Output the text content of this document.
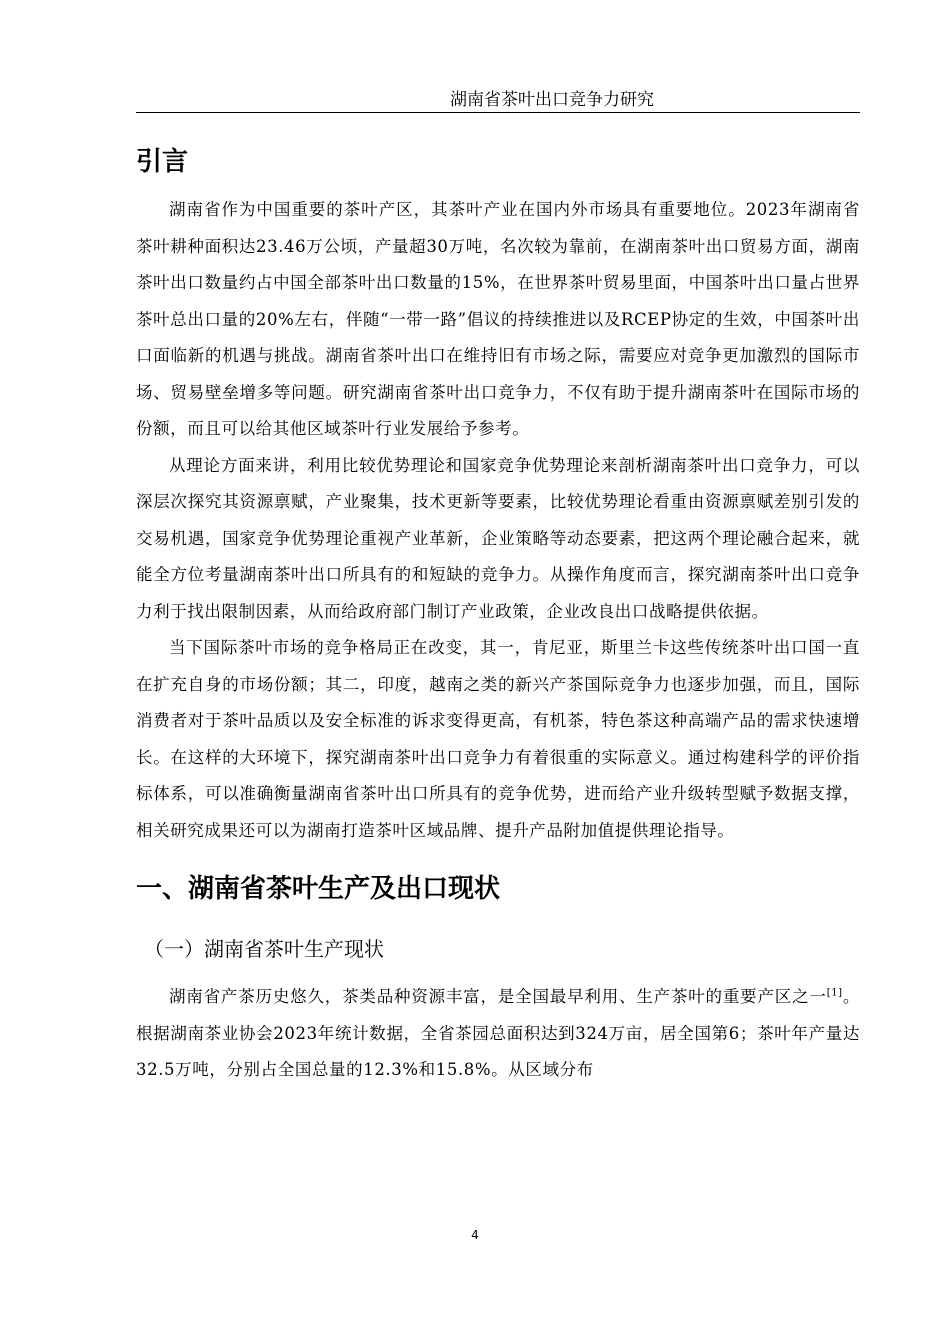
湖南省茶叶出口竞争力研究
引言

湖南省作为中国重要的茶叶产区，其茶叶产业在国内外市场具有重要地位。2023年湖南省茶叶耕种面积达23.46万公顷，产量超30万吨，名次较为靠前，在湖南茶叶出口贸易方面，湖南茶叶出口数量约占中国全部茶叶出口数量的15%，在世界茶叶贸易里面，中国茶叶出口量占世界茶叶总出口量的20%左右，伴随“一带一路”倡议的持续推进以及RCEP协定的生效，中国茶叶出口面临新的机遇与挑战。湖南省茶叶出口在维持旧有市场之际，需要应对竞争更加激烈的国际市场、贸易壁垒增多等问题。研究湖南省茶叶出口竞争力，不仅有助于提升湖南茶叶在国际市场的份额，而且可以给其他区域茶叶行业发展给予参考。

从理论方面来讲，利用比较优势理论和国家竞争优势理论来剖析湖南茶叶出口竞争力，可以深层次探究其资源禀赋，产业聚集，技术更新等要素，比较优势理论看重由资源禀赋差别引发的交易机遇，国家竞争优势理论重视产业革新，企业策略等动态要素，把这两个理论融合起来，就能全方位考量湖南茶叶出口所具有的和短缺的竞争力。从操作角度而言，探究湖南茶叶出口竞争力利于找出限制因素，从而给政府部门制订产业政策，企业改良出口战略提供依据。

当下国际茶叶市场的竞争格局正在改变，其一，肯尼亚，斯里兰卡这些传统茶叶出口国一直在扩充自身的市场份额；其二，印度，越南之类的新兴产茶国际竞争力也逐步加强，而且，国际消费者对于茶叶品质以及安全标准的诉求变得更高，有机茶，特色茶这种高端产品的需求快速增长。在这样的大环境下，探究湖南茶叶出口竞争力有着很重的实际意义。通过构建科学的评价指标体系，可以准确衡量湖南省茶叶出口所具有的竞争优势，进而给产业升级转型赋予数据支撑，相关研究成果还可以为湖南打造茶叶区域品牌、提升产品附加值提供理论指导。

一、湖南省茶叶生产及出口现状
（一）湖南省茶叶生产现状

湖南省产茶历史悠久，茶类品种资源丰富，是全国最早利用、生产茶叶的重要产区之一[1]。根据湖南茶业协会2023年统计数据，全省茶园总面积达到324万亩，居全国第6；茶叶年产量达32.5万吨，分别占全国总量的12.3%和15.8%。从区域分布

4
